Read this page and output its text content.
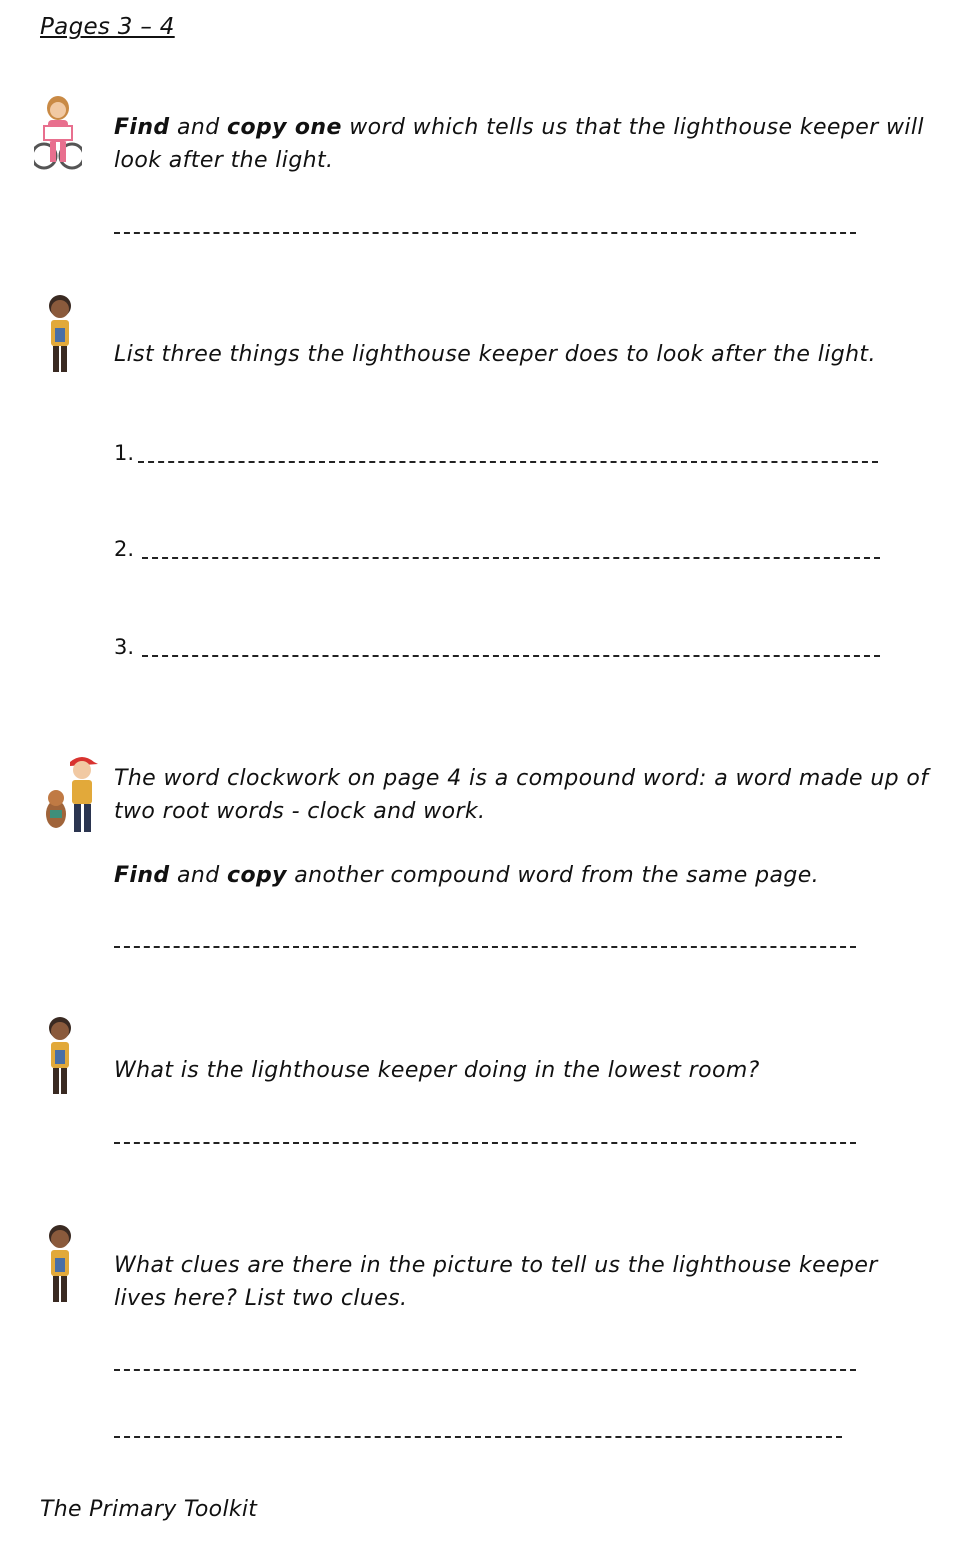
Pages 3 – 4
Find and copy one word which tells us that the lighthouse keeper will look after the light.
List three things the lighthouse keeper does to look after the light.
1.
2.
3.
The word clockwork on page 4 is a compound word: a word made up of two root words - clock and work.
Find and copy another compound word from the same page.
What is the lighthouse keeper doing in the lowest room?
What clues are there in the picture to tell us the lighthouse keeper lives here? List two clues.
The Primary Toolkit
